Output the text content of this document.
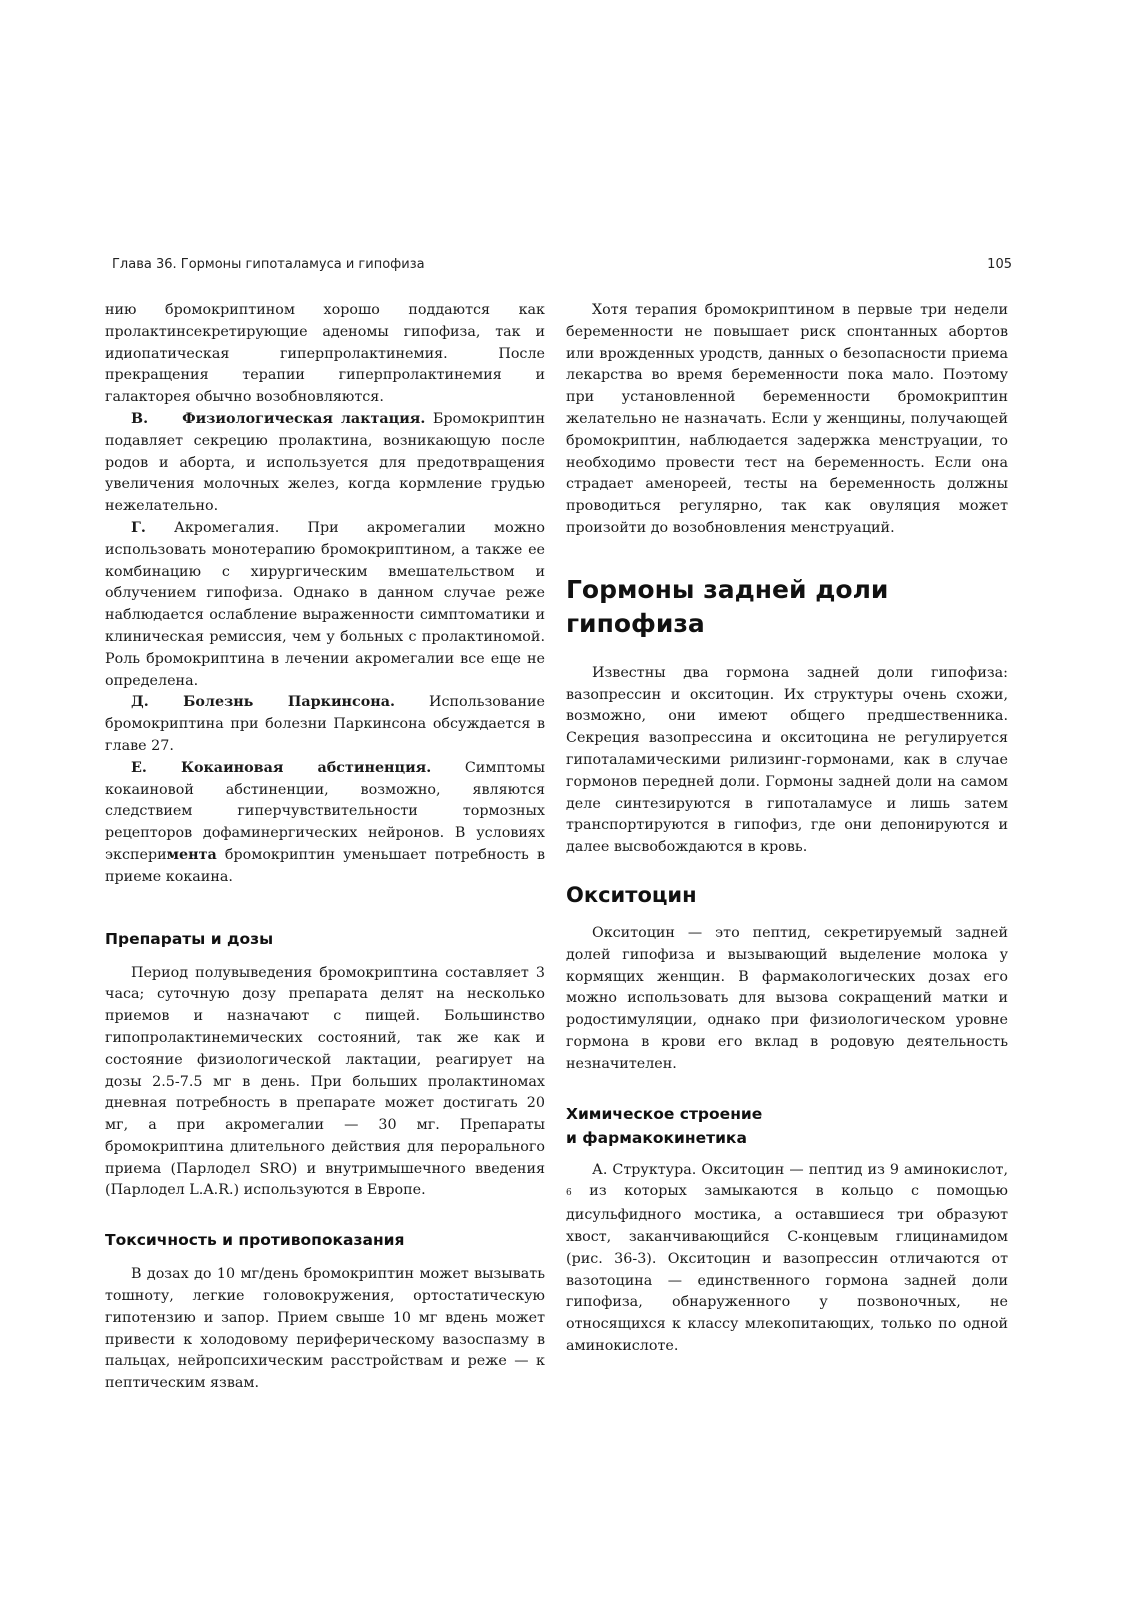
Глава 36. Гормоны гипоталамуса и гипофиза	105

нию бромокриптином хорошо поддаются как пролактинсекретирующие аденомы гипофиза, так и идиопатическая гиперпролактинемия. После прекращения терапии гиперпролактинемия и галакторея обычно возобновляются.

В. Физиологическая лактация. Бромокриптин подавляет секрецию пролактина, возникающую после родов и аборта, и используется для предотвращения увеличения молочных желез, когда кормление грудью нежелательно.

Г. Акромегалия. При акромегалии можно использовать монотерапию бромокриптином, а также ее комбинацию с хирургическим вмешательством и облучением гипофиза. Однако в данном случае реже наблюдается ослабление выраженности симптоматики и клиническая ремиссия, чем у больных с пролактиномой. Роль бромокриптина в лечении акромегалии все еще не определена.

Д. Болезнь Паркинсона. Использование бромокриптина при болезни Паркинсона обсуждается в главе 27.

Е. Кокаиновая абстиненция. Симптомы кокаиновой абстиненции, возможно, являются следствием гиперчувствительности тормозных рецепторов дофаминергических нейронов. В условиях эксперимента бромокриптин уменьшает потребность в приеме кокаина.

Препараты и дозы

Период полувыведения бромокриптина составляет 3 часа; суточную дозу препарата делят на несколько приемов и назначают с пищей. Большинство гипопролактинемических состояний, так же как и состояние физиологической лактации, реагирует на дозы 2.5-7.5 мг в день. При больших пролактиномах дневная потребность в препарате может достигать 20 мг, а при акромегалии — 30 мг. Препараты бромокриптина длительного действия для перорального приема (Парлодел SRO) и внутримышечного введения (Парлодел L.A.R.) используются в Европе.

Токсичность и противопоказания

В дозах до 10 мг/день бромокриптин может вызывать тошноту, легкие головокружения, ортостатическую гипотензию и запор. Прием свыше 10 мг вдень может привести к холодовому периферическому вазоспазму в пальцах, нейропсихическим расстройствам и реже — к пептическим язвам.

Хотя терапия бромокриптином в первые три недели беременности не повышает риск спонтанных абортов или врожденных уродств, данных о безопасности приема лекарства во время беременности пока мало. Поэтому при установленной беременности бромокриптин желательно не назначать. Если у женщины, получающей бромокриптин, наблюдается задержка менструации, то необходимо провести тест на беременность. Если она страдает аменореей, тесты на беременность должны проводиться регулярно, так как овуляция может произойти до возобновления менструаций.

Гормоны задней доли гипофиза

Известны два гормона задней доли гипофиза: вазопрессин и окситоцин. Их структуры очень схожи, возможно, они имеют общего предшественника. Секреция вазопрессина и окситоцина не регулируется гипоталамическими рилизинг-гормонами, как в случае гормонов передней доли. Гормоны задней доли на самом деле синтезируются в гипоталамусе и лишь затем транспортируются в гипофиз, где они депонируются и далее высвобождаются в кровь.

Окситоцин

Окситоцин — это пептид, секретируемый задней долей гипофиза и вызывающий выделение молока у кормящих женщин. В фармакологических дозах его можно использовать для вызова сокращений матки и родостимуляции, однако при физиологическом уровне гормона в крови его вклад в родовую деятельность незначителен.

Химическое строение
и фармакокинетика

А. Структура. Окситоцин — пептид из 9 аминокислот, 6 из которых замыкаются в кольцо с помощью дисульфидного мостика, а оставшиеся три образуют хвост, заканчивающийся С-концевым глицинамидом (рис. 36-3). Окситоцин и вазопрессин отличаются от вазотоцина — единственного гормона задней доли гипофиза, обнаруженного у позвоночных, не относящихся к классу млекопитающих, только по одной аминокислоте.
